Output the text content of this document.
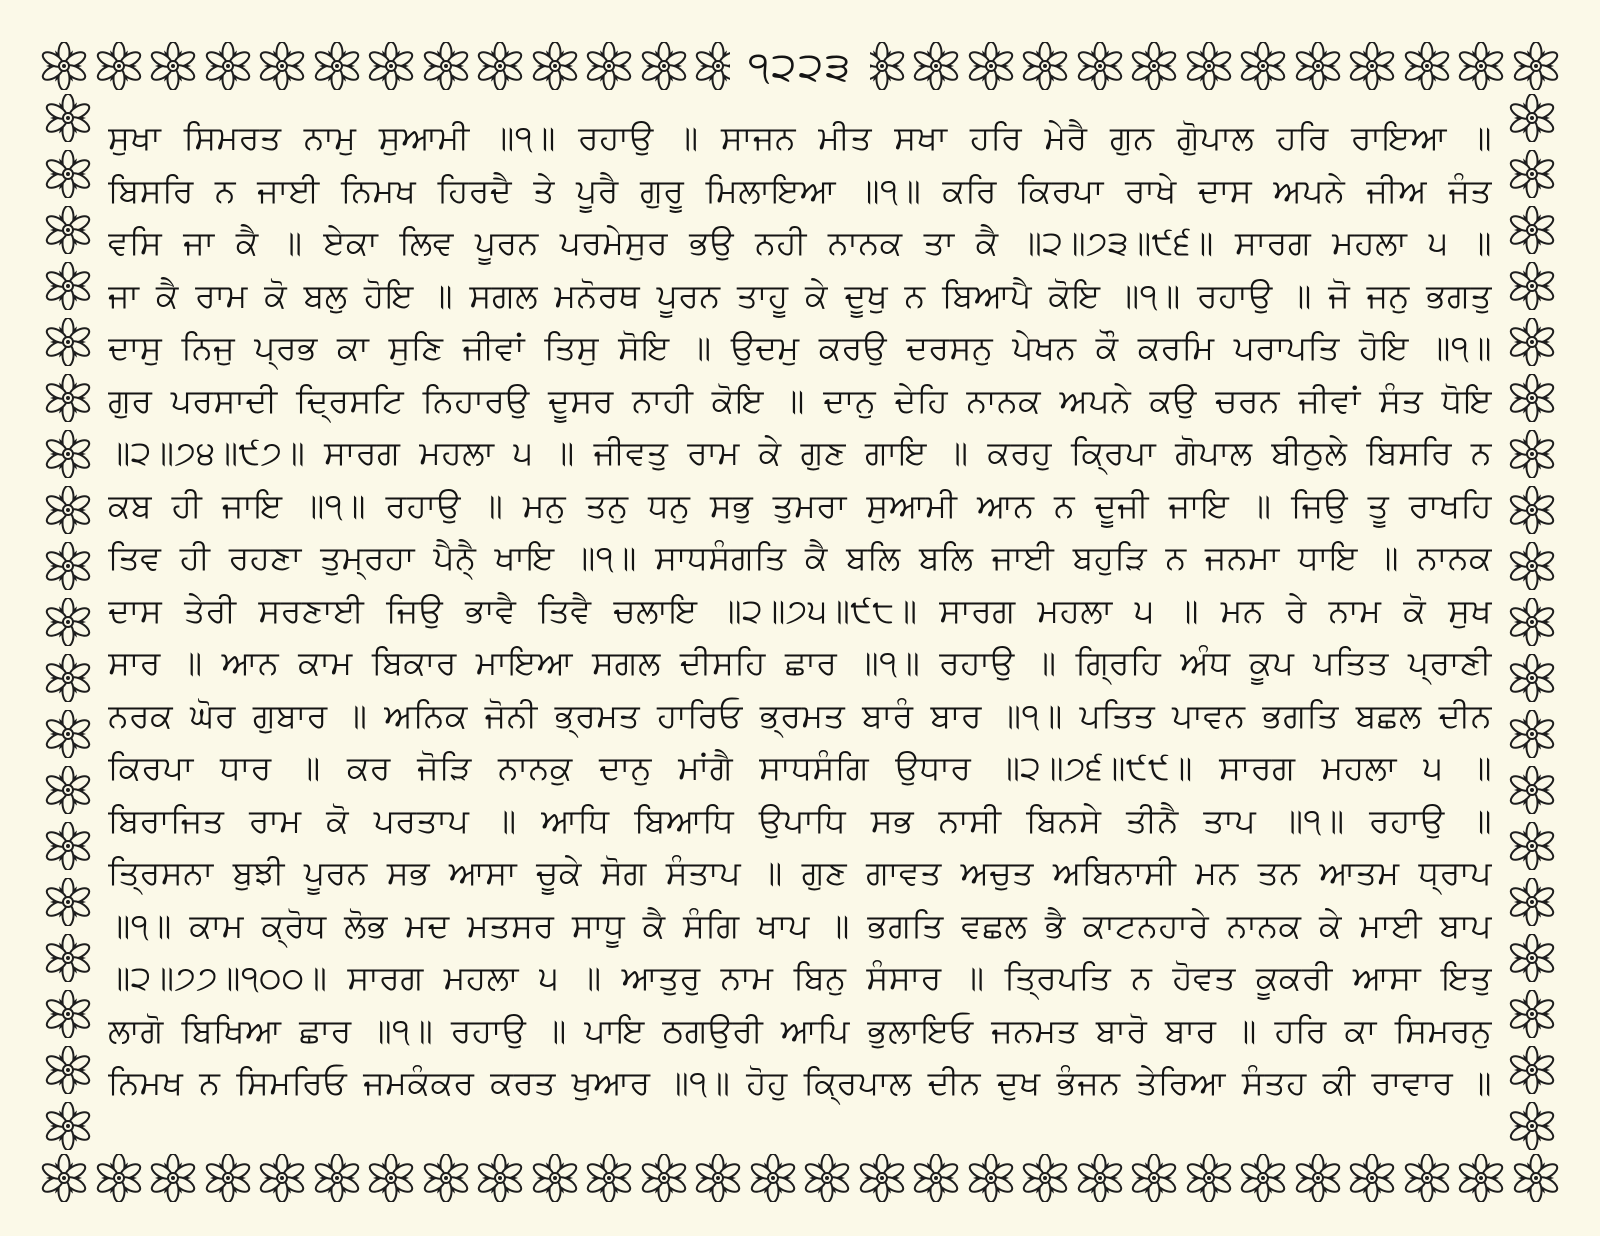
੧੨੨੩
ਸੁਖਾ ਸਿਮਰਤ ਨਾਮੁ ਸੁਆਮੀ ॥੧॥ ਰਹਾਉ ॥ ਸਾਜਨ ਮੀਤ ਸਖਾ ਹਰਿ ਮੇਰੈ ਗੁਨ ਗੋੁਪਾਲ ਹਰਿ ਰਾਇਆ ॥
ਬਿਸਰਿ ਨ ਜਾਈ ਨਿਮਖ ਹਿਰਦੈ ਤੇ ਪੂਰੈ ਗੁਰੂ ਮਿਲਾਇਆ ॥੧॥ ਕਰਿ ਕਿਰਪਾ ਰਾਖੇ ਦਾਸ ਅਪਨੇ ਜੀਅ ਜੰਤ
ਵਸਿ ਜਾ ਕੈ ॥ ਏਕਾ ਲਿਵ ਪੂਰਨ ਪਰਮੇਸੁਰ ਭਉ ਨਹੀ ਨਾਨਕ ਤਾ ਕੈ ॥੨॥੭੩॥੯੬॥ ਸਾਰਗ ਮਹਲਾ ੫ ॥
ਜਾ ਕੈ ਰਾਮ ਕੋ ਬਲੁ ਹੋਇ ॥ ਸਗਲ ਮਨੋਰਥ ਪੂਰਨ ਤਾਹੂ ਕੇ ਦੂਖੁ ਨ ਬਿਆਪੈ ਕੋਇ ॥੧॥ ਰਹਾਉ ॥ ਜੋ ਜਨੁ ਭਗਤੁ
ਦਾਸੁ ਨਿਜੁ ਪ੍ਰਭ ਕਾ ਸੁਣਿ ਜੀਵਾਂ ਤਿਸੁ ਸੋਇ ॥ ਉਦਮੁ ਕਰਉ ਦਰਸਨੁ ਪੇਖਨ ਕੌ ਕਰਮਿ ਪਰਾਪਤਿ ਹੋਇ ॥੧॥
ਗੁਰ ਪਰਸਾਦੀ ਦ੍ਰਿਸਟਿ ਨਿਹਾਰਉ ਦੂਸਰ ਨਾਹੀ ਕੋਇ ॥ ਦਾਨੁ ਦੇਹਿ ਨਾਨਕ ਅਪਨੇ ਕਉ ਚਰਨ ਜੀਵਾਂ ਸੰਤ ਧੋਇ
॥੨॥੭੪॥੯੭॥ ਸਾਰਗ ਮਹਲਾ ੫ ॥ ਜੀਵਤੁ ਰਾਮ ਕੇ ਗੁਣ ਗਾਇ ॥ ਕਰਹੁ ਕ੍ਰਿਪਾ ਗੋਪਾਲ ਬੀਠੁਲੇ ਬਿਸਰਿ ਨ
ਕਬ ਹੀ ਜਾਇ ॥੧॥ ਰਹਾਉ ॥ ਮਨੁ ਤਨੁ ਧਨੁ ਸਭੁ ਤੁਮਰਾ ਸੁਆਮੀ ਆਨ ਨ ਦੂਜੀ ਜਾਇ ॥ ਜਿਉ ਤੂ ਰਾਖਹਿ
ਤਿਵ ਹੀ ਰਹਣਾ ਤੁਮ੍ਰਹਾ ਪੈਨੈ੍ ਖਾਇ ॥੧॥ ਸਾਧਸੰਗਤਿ ਕੈ ਬਲਿ ਬਲਿ ਜਾਈ ਬਹੁੜਿ ਨ ਜਨਮਾ ਧਾਇ ॥ ਨਾਨਕ
ਦਾਸ ਤੇਰੀ ਸਰਣਾਈ ਜਿਉ ਭਾਵੈ ਤਿਵੈ ਚਲਾਇ ॥੨॥੭੫॥੯੮॥ ਸਾਰਗ ਮਹਲਾ ੫ ॥ ਮਨ ਰੇ ਨਾਮ ਕੋ ਸੁਖ
ਸਾਰ ॥ ਆਨ ਕਾਮ ਬਿਕਾਰ ਮਾਇਆ ਸਗਲ ਦੀਸਹਿ ਛਾਰ ॥੧॥ ਰਹਾਉ ॥ ਗ੍ਰਿਹਿ ਅੰਧ ਕੂਪ ਪਤਿਤ ਪ੍ਰਾਣੀ
ਨਰਕ ਘੋਰ ਗੁਬਾਰ ॥ ਅਨਿਕ ਜੋਨੀ ਭ੍ਰਮਤ ਹਾਰਿਓ ਭ੍ਰਮਤ ਬਾਰੰ ਬਾਰ ॥੧॥ ਪਤਿਤ ਪਾਵਨ ਭਗਤਿ ਬਛਲ ਦੀਨ
ਕਿਰਪਾ ਧਾਰ ॥ ਕਰ ਜੋੜਿ ਨਾਨਕੁ ਦਾਨੁ ਮਾਂਗੈ ਸਾਧਸੰਗਿ ਉਧਾਰ ॥੨॥੭੬॥੯੯॥ ਸਾਰਗ ਮਹਲਾ ੫ ॥
ਬਿਰਾਜਿਤ ਰਾਮ ਕੋ ਪਰਤਾਪ ॥ ਆਧਿ ਬਿਆਧਿ ਉਪਾਧਿ ਸਭ ਨਾਸੀ ਬਿਨਸੇ ਤੀਨੈ ਤਾਪ ॥੧॥ ਰਹਾਉ ॥
ਤ੍ਰਿਸਨਾ ਬੁਝੀ ਪੂਰਨ ਸਭ ਆਸਾ ਚੂਕੇ ਸੋਗ ਸੰਤਾਪ ॥ ਗੁਣ ਗਾਵਤ ਅਚੁਤ ਅਬਿਨਾਸੀ ਮਨ ਤਨ ਆਤਮ ਧ੍ਰਾਪ
॥੧॥ ਕਾਮ ਕ੍ਰੋਧ ਲੋਭ ਮਦ ਮਤਸਰ ਸਾਧੂ ਕੈ ਸੰਗਿ ਖਾਪ ॥ ਭਗਤਿ ਵਛਲ ਭੈ ਕਾਟਨਹਾਰੇ ਨਾਨਕ ਕੇ ਮਾਈ ਬਾਪ
॥੨॥੭੭॥੧੦੦॥ ਸਾਰਗ ਮਹਲਾ ੫ ॥ ਆਤੁਰੁ ਨਾਮ ਬਿਨੁ ਸੰਸਾਰ ॥ ਤ੍ਰਿਪਤਿ ਨ ਹੋਵਤ ਕੂਕਰੀ ਆਸਾ ਇਤੁ
ਲਾਗੋ ਬਿਖਿਆ ਛਾਰ ॥੧॥ ਰਹਾਉ ॥ ਪਾਇ ਠਗਉਰੀ ਆਪਿ ਭੁਲਾਇਓ ਜਨਮਤ ਬਾਰੋ ਬਾਰ ॥ ਹਰਿ ਕਾ ਸਿਮਰਨੁ
ਨਿਮਖ ਨ ਸਿਮਰਿਓ ਜਮਕੰਕਰ ਕਰਤ ਖੁਆਰ ॥੧॥ ਹੋਹੁ ਕ੍ਰਿਪਾਲ ਦੀਨ ਦੁਖ ਭੰਜਨ ਤੇਰਿਆ ਸੰਤਹ ਕੀ ਰਾਵਾਰ ॥
